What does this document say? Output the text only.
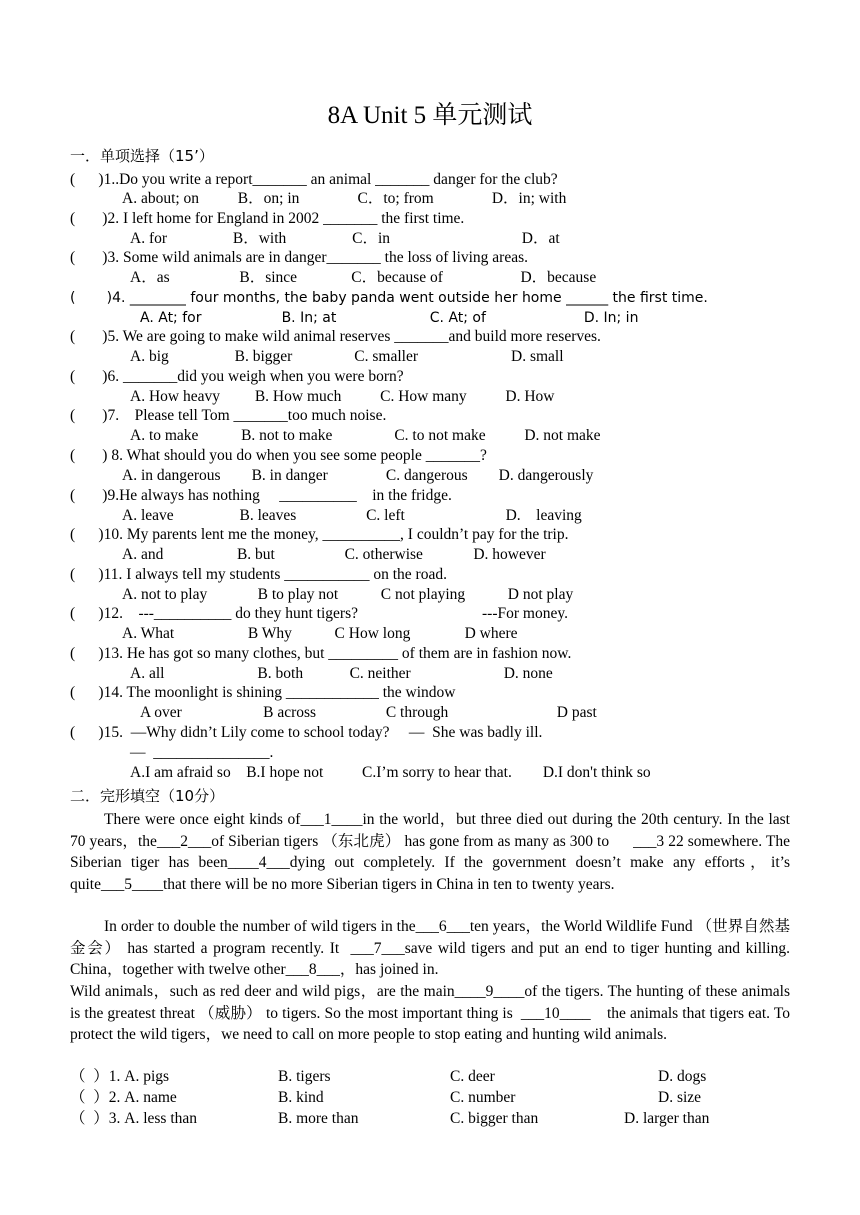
8A Unit 5 单元测试
一．单项选择（15’）
(      )1..Do you write a report_______ an animal _______ danger for the club?
A. about; on          B．on; in               C．to; from               D．in; with
(       )2. I left home for England in 2002 _______ the first time.
A. for                 B．with                 C．in                                  D．at
(       )3. Some wild animals are in danger_______ the loss of living areas.
A．as                  B．since              C．because of                    D．because
(       )4. ________ four months, the baby panda went outside her home ______ the first time.
A. At; for                  B. In; at                     C. At; of                      D. In; in
(       )5. We are going to make wild animal reserves _______and build more reserves.
A. big                 B. bigger                C. smaller                        D. small
(       )6. _______did you weigh when you were born?
A. How heavy         B. How much          C. How many          D. How
(       )7.    Please tell Tom _______too much noise.
A. to make           B. not to make                C. to not make          D. not make
(       ) 8. What should you do when you see some people _______?
A. in dangerous        B. in danger               C. dangerous        D. dangerously
(       )9.He always has nothing     __________    in the fridge.
A. leave                 B. leaves                  C. left                          D.    leaving
(      )10. My parents lent me the money, __________, I couldn’t pay for the trip.
A. and                   B. but                  C. otherwise             D. however
(      )11. I always tell my students ___________ on the road.
A. not to play             B to play not           C not playing           D not play
(      )12.    ---__________ do they hunt tigers?                                ---For money.
A. What                   B Why           C How long              D where
(      )13. He has got so many clothes, but _________ of them are in fashion now.
A. all                        B. both            C. neither                        D. none
(      )14. The moonlight is shining ____________ the window
A over                     B across                  C through                            D past
(      )15.  —Why didn’t Lily come to school today?     —  She was badly ill.
—  _______________.
A.I am afraid so    B.I hope not          C.I’m sorry to hear that.        D.I don't think so
二．完形填空（10分）
There were once eight kinds of___1____in the world，but three died out during the 20th century. In the last 70 years，the___2___of Siberian tigers （东北虎） has gone from as many as 300 to      ___3 22 somewhere. The Siberian tiger has been____4___dying out completely. If the government doesn’t make any efforts，it’s quite___5____that there will be no more Siberian tigers in China in ten to twenty years.
In order to double the number of wild tigers in the___6___ten years，the World Wildlife Fund （世界自然基金会） has started a program recently. It  ___7___save wild tigers and put an end to tiger hunting and killing. China，together with twelve other___8___，has joined in.
Wild animals，such as red deer and wild pigs，are the main____9____of the tigers. The hunting of these animals is the greatest threat （威胁） to tigers. So the most important thing is  ___10____    the animals that tigers eat. To protect the wild tigers，we need to call on more people to stop eating and hunting wild animals.
（  ）1. A. pigs	B. tigers	C. deer	D. dogs
（  ）2. A. name	B. kind	C. number	D. size
（  ）3. A. less than	B. more than	C. bigger than	D. larger than
